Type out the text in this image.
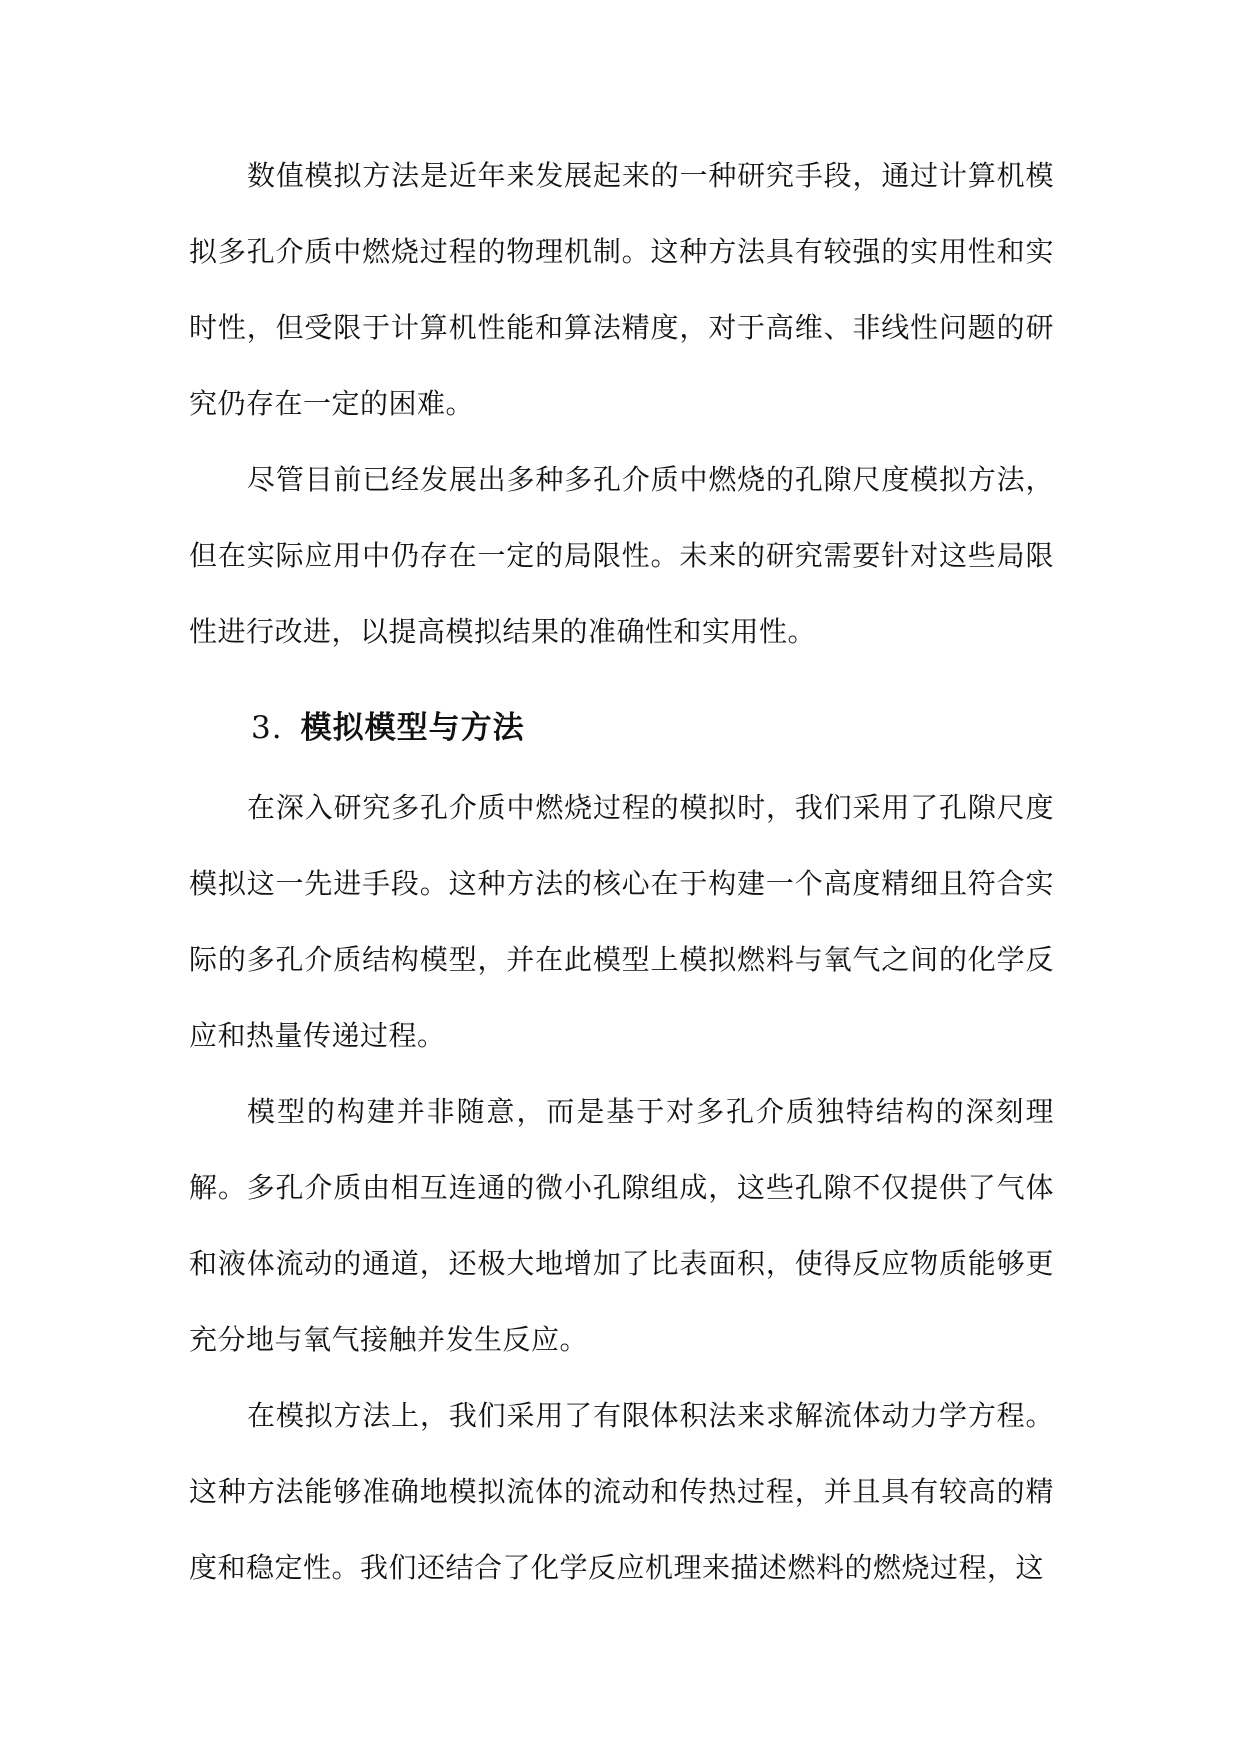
数值模拟方法是近年来发展起来的一种研究手段，通过计算机模拟多孔介质中燃烧过程的物理机制。这种方法具有较强的实用性和实时性，但受限于计算机性能和算法精度，对于高维、非线性问题的研究仍存在一定的困难。

尽管目前已经发展出多种多孔介质中燃烧的孔隙尺度模拟方法，但在实际应用中仍存在一定的局限性。未来的研究需要针对这些局限性进行改进，以提高模拟结果的准确性和实用性。

3. 模拟模型与方法

在深入研究多孔介质中燃烧过程的模拟时，我们采用了孔隙尺度模拟这一先进手段。这种方法的核心在于构建一个高度精细且符合实际的多孔介质结构模型，并在此模型上模拟燃料与氧气之间的化学反应和热量传递过程。

模型的构建并非随意，而是基于对多孔介质独特结构的深刻理解。多孔介质由相互连通的微小孔隙组成，这些孔隙不仅提供了气体和液体流动的通道，还极大地增加了比表面积，使得反应物质能够更充分地与氧气接触并发生反应。

在模拟方法上，我们采用了有限体积法来求解流体动力学方程。这种方法能够准确地模拟流体的流动和传热过程，并且具有较高的精度和稳定性。我们还结合了化学反应机理来描述燃料的燃烧过程，这
